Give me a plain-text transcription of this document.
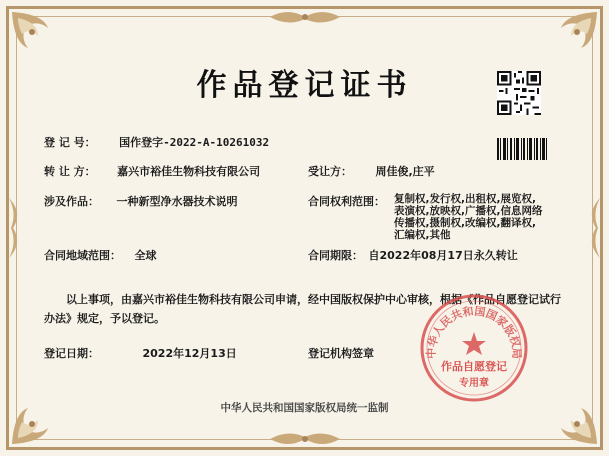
作品登记证书
登 记 号： 国作登字-2022-A-10261032
转 让 方： 嘉兴市裕佳生物科技有限公司	受让方： 周佳俊,庄平
涉及作品： 一种新型净水器技术说明	合同权利范围： 复制权,发行权,出租权,展览权,表演权,放映权,广播权,信息网络传播权,摄制权,改编权,翻译权,汇编权,其他
合同地域范围： 全球	合同期限： 自2022年08月17日永久转让
以上事项，由嘉兴市裕佳生物科技有限公司申请，经中国版权保护中心审核，根据《作品自愿登记试行办法》规定，予以登记。
登记日期：	2022年12月13日	登记机构签章	中华人民共和国国家版权局
作品自愿登记
专用章
中华人民共和国国家版权局统一监制
